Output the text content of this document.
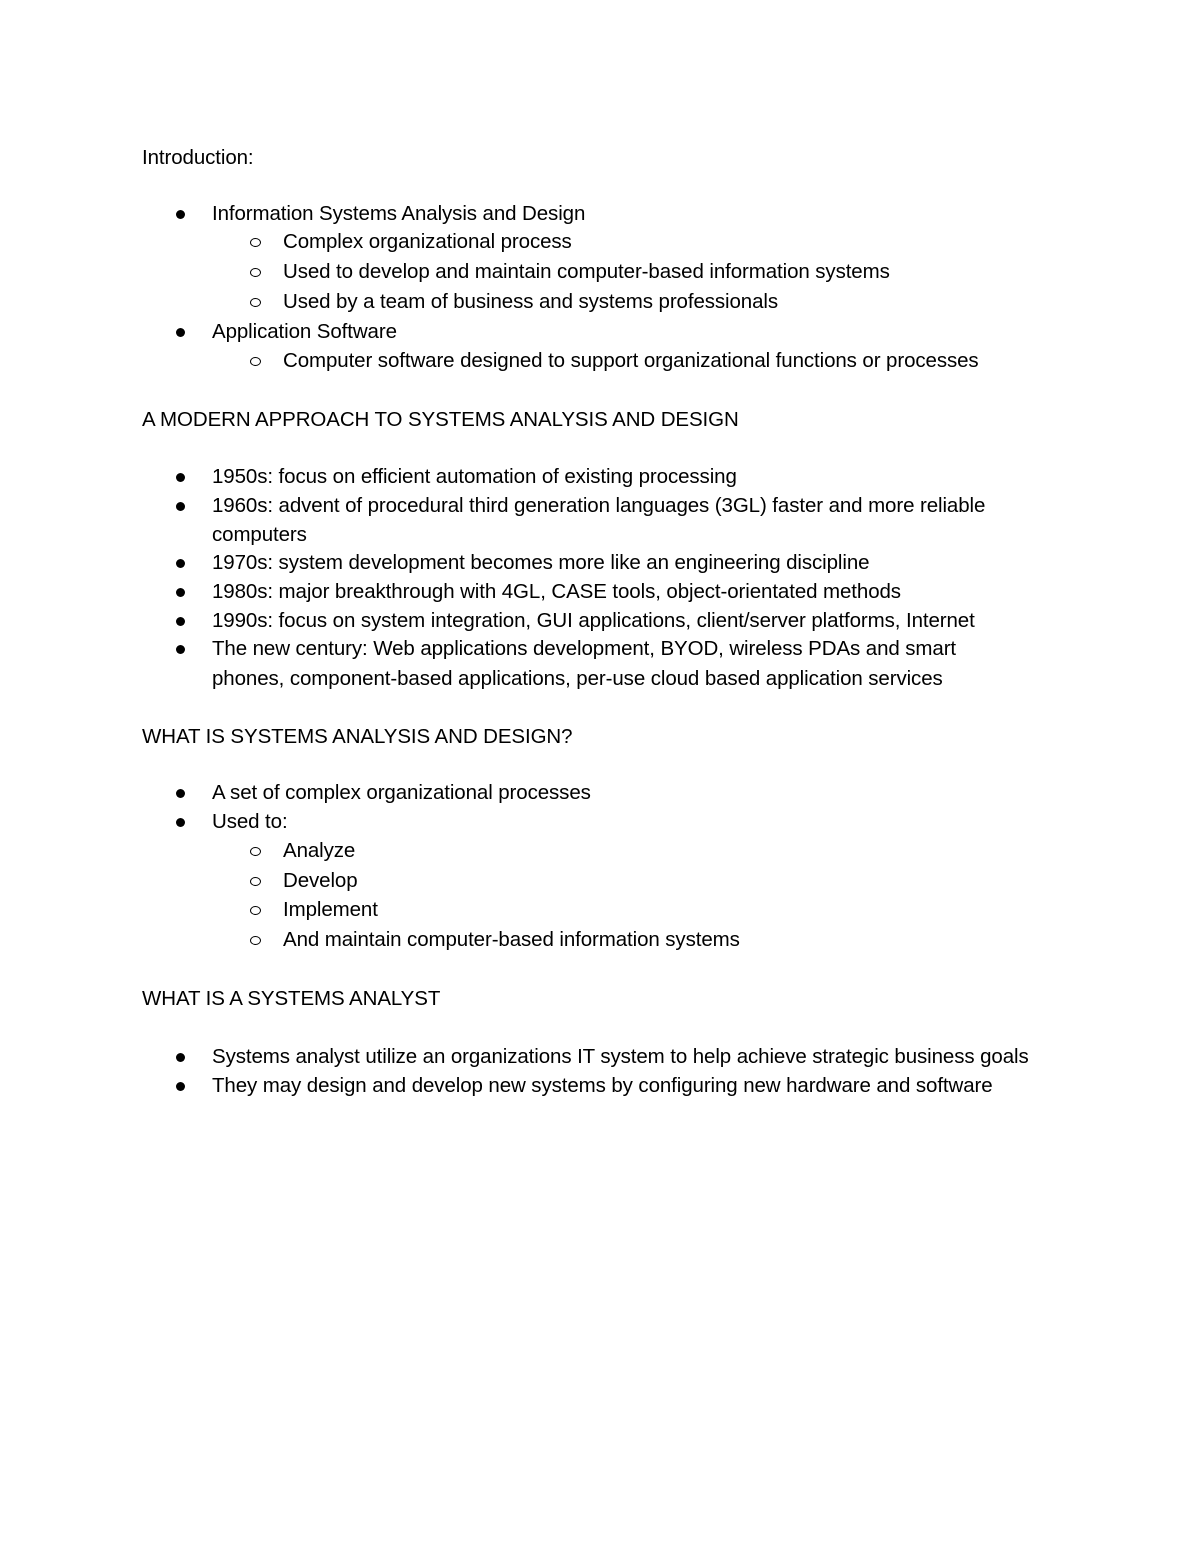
Introduction:
Information Systems Analysis and Design
Complex organizational process
Used to develop and maintain computer-based information systems
Used by a team of business and systems professionals
Application Software
Computer software designed to support organizational functions or processes
A MODERN APPROACH TO SYSTEMS ANALYSIS AND DESIGN
1950s: focus on efficient automation of existing processing
1960s: advent of procedural third generation languages (3GL) faster and more reliable
computers
1970s: system development becomes more like an engineering discipline
1980s: major breakthrough with 4GL, CASE tools, object-orientated methods
1990s: focus on system integration, GUI applications, client/server platforms, Internet
The new century: Web applications development, BYOD, wireless PDAs and smart
phones, component-based applications, per-use cloud based application services
WHAT IS SYSTEMS ANALYSIS AND DESIGN?
A set of complex organizational processes
Used to:
Analyze
Develop
Implement
And maintain computer-based information systems
WHAT IS A SYSTEMS ANALYST
Systems analyst utilize an organizations IT system to help achieve strategic business goals
They may design and develop new systems by configuring new hardware and software
